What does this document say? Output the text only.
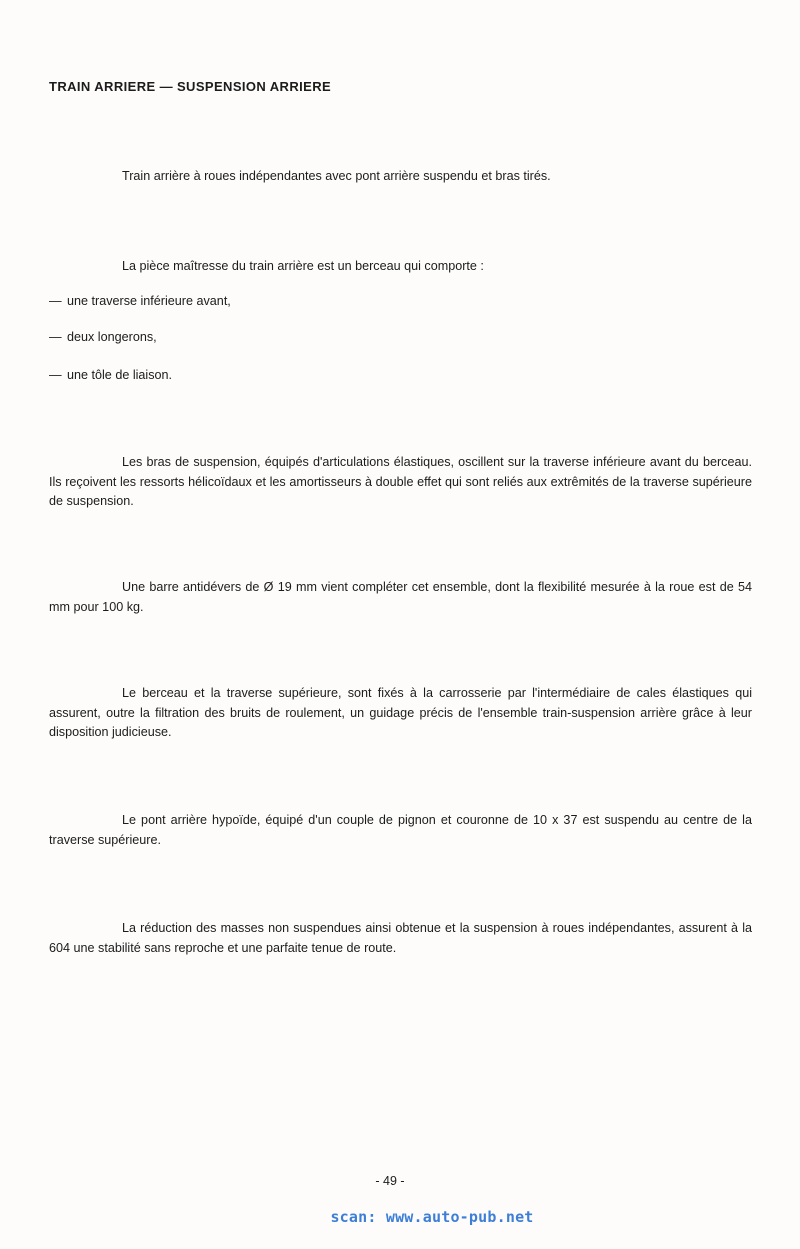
TRAIN ARRIERE — SUSPENSION ARRIERE

Train arrière à roues indépendantes avec pont arrière suspendu et bras tirés.

La pièce maîtresse du train arrière est un berceau qui comporte :

— une traverse inférieure avant,

— deux longerons,

— une tôle de liaison.

Les bras de suspension, équipés d'articulations élastiques, oscillent sur la traverse inférieure avant du berceau. Ils reçoivent les ressorts hélicoïdaux et les amortisseurs à double effet qui sont reliés aux extrêmités de la traverse supérieure de suspension.

Une barre antidévers de Ø 19 mm vient compléter cet ensemble, dont la flexibilité mesurée à la roue est de 54 mm pour 100 kg.

Le berceau et la traverse supérieure, sont fixés à la carrosserie par l'intermédiaire de cales élastiques qui assurent, outre la filtration des bruits de roulement, un guidage précis de l'ensemble train-suspension arrière grâce à leur disposition judicieuse.

Le pont arrière hypoïde, équipé d'un couple de pignon et couronne de 10 x 37 est suspendu au centre de la traverse supérieure.

La réduction des masses non suspendues ainsi obtenue et la suspension à roues indépendantes, assurent à la 604 une stabilité sans reproche et une parfaite tenue de route.

- 49 -
scan: www.auto-pub.net
